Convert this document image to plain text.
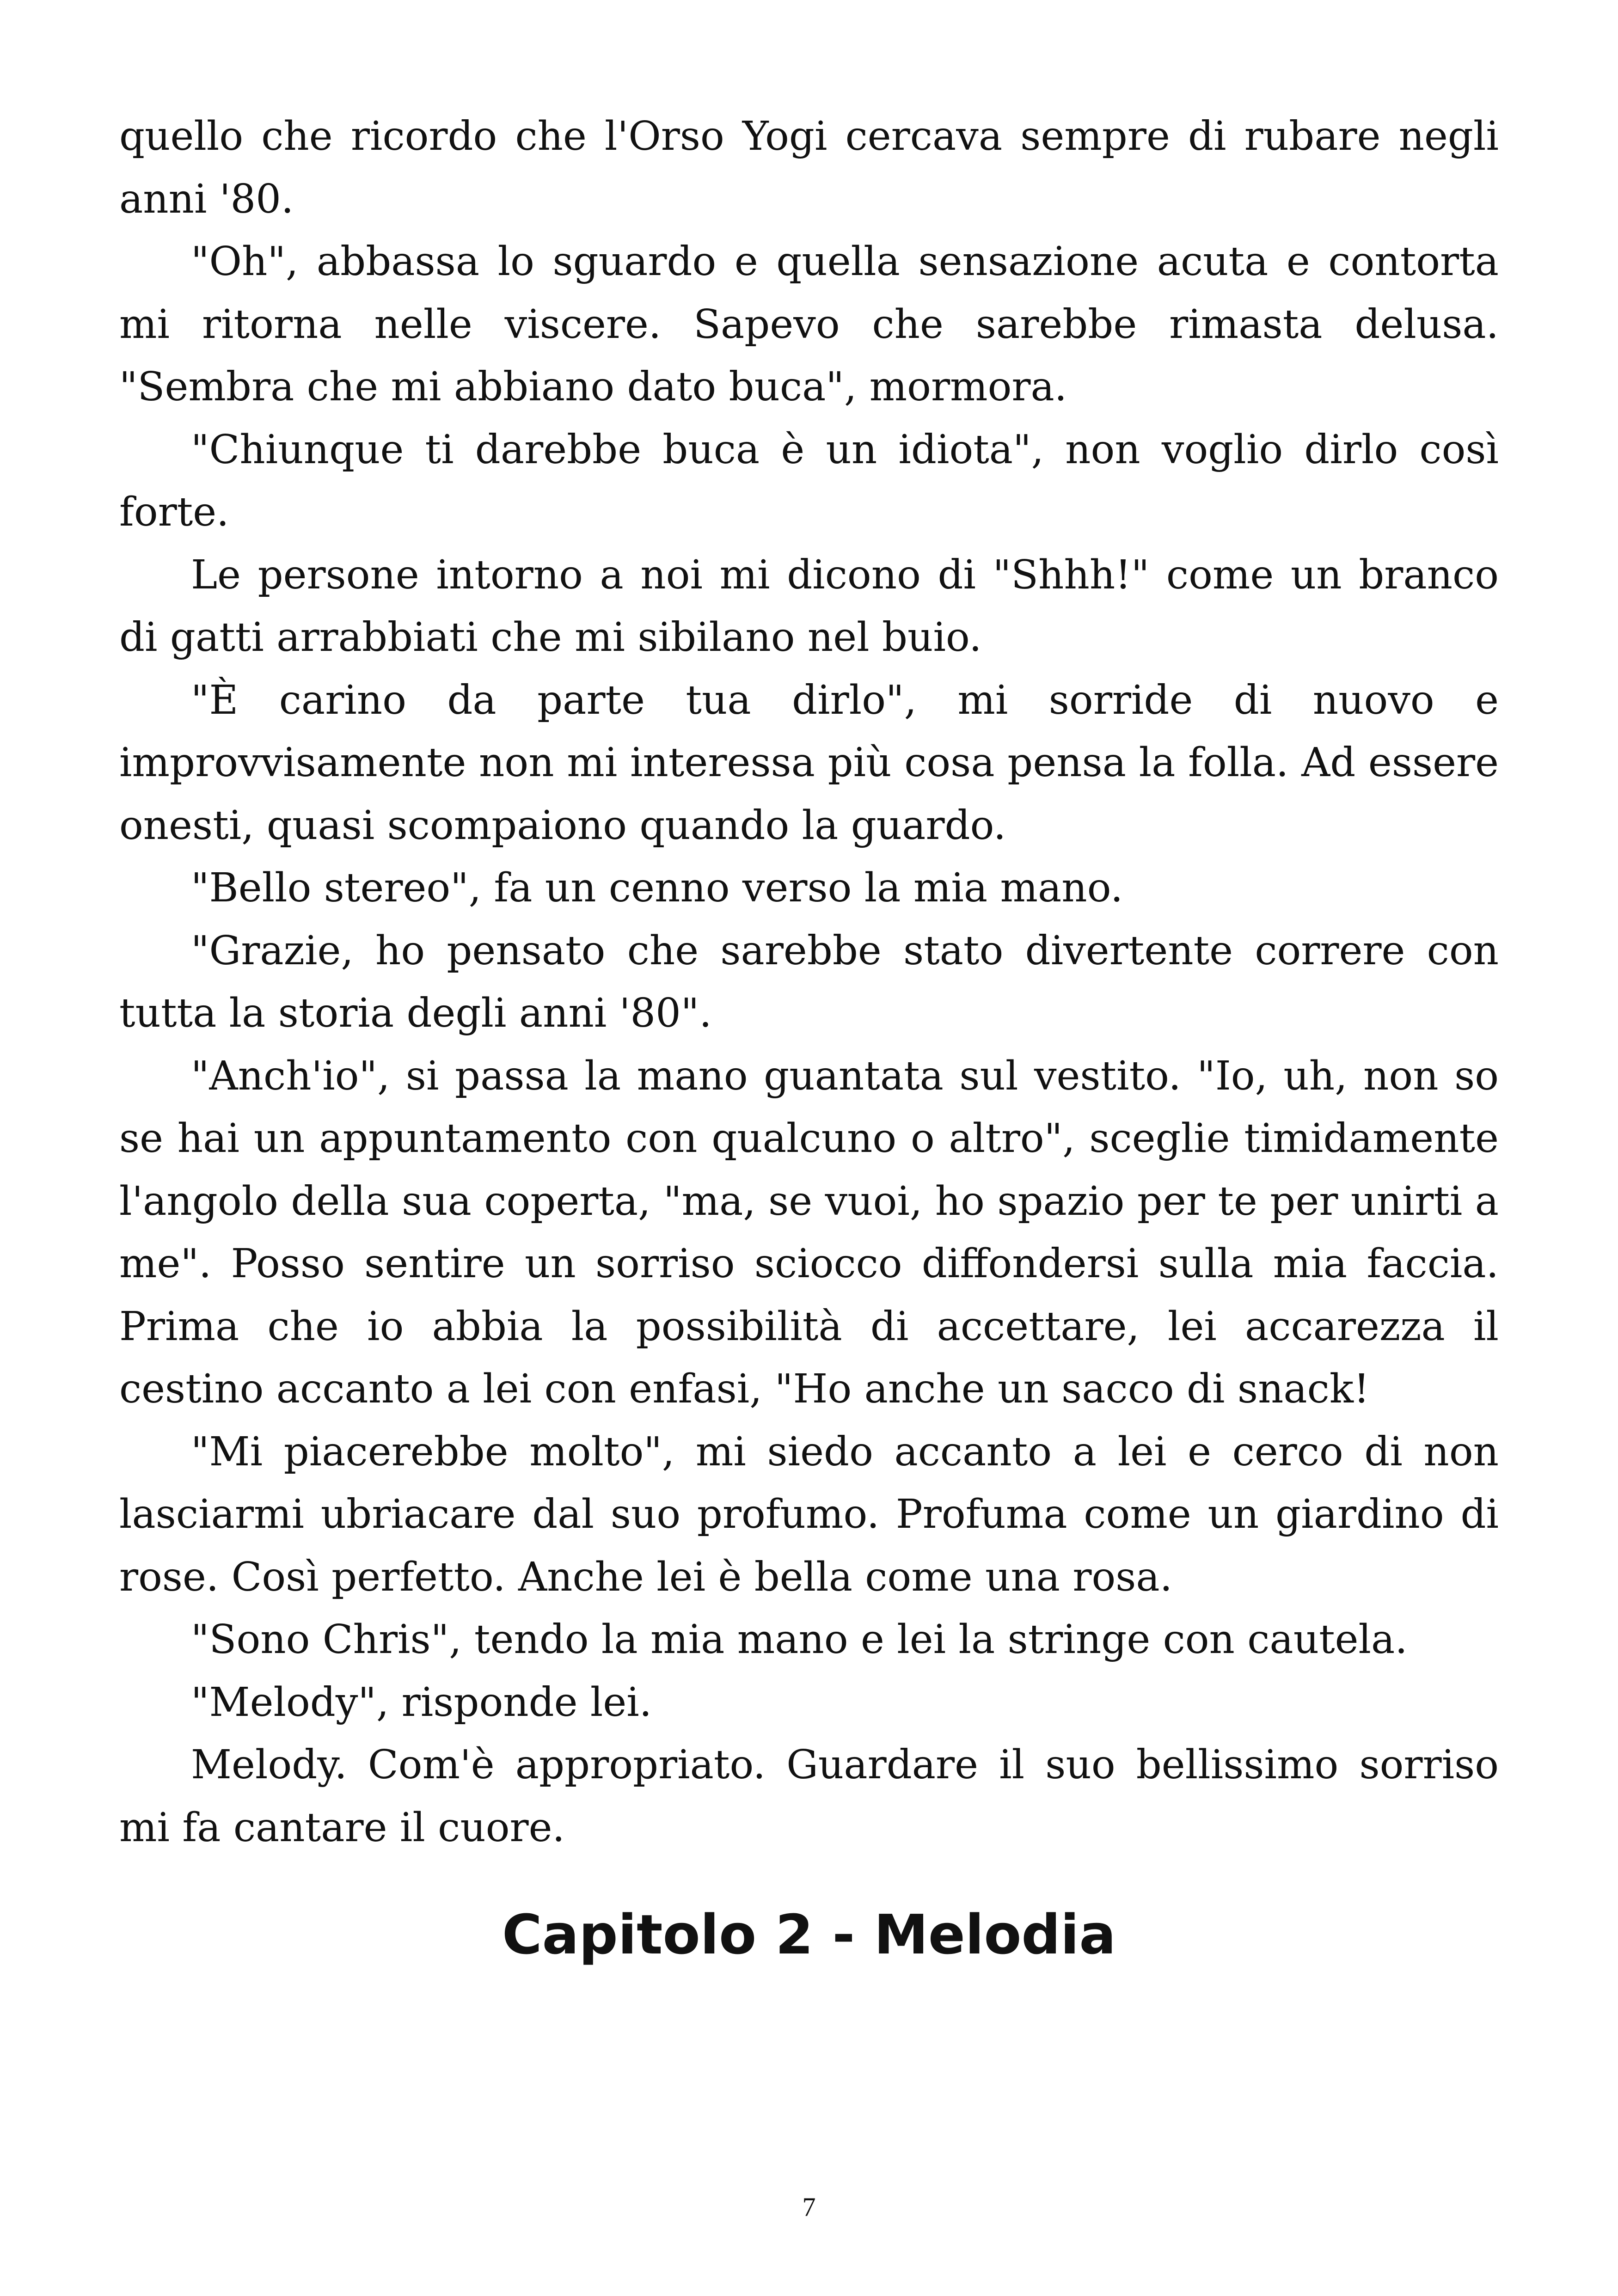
quello che ricordo che l'Orso Yogi cercava sempre di rubare negli anni '80.

"Oh", abbassa lo sguardo e quella sensazione acuta e contorta mi ritorna nelle viscere. Sapevo che sarebbe rimasta delusa. "Sembra che mi abbiano dato buca", mormora.

"Chiunque ti darebbe buca è un idiota", non voglio dirlo così forte.

Le persone intorno a noi mi dicono di "Shhh!" come un branco di gatti arrabbiati che mi sibilano nel buio.

"È carino da parte tua dirlo", mi sorride di nuovo e improvvisamente non mi interessa più cosa pensa la folla. Ad essere onesti, quasi scompaiono quando la guardo.

"Bello stereo", fa un cenno verso la mia mano.

"Grazie, ho pensato che sarebbe stato divertente correre con tutta la storia degli anni '80".

"Anch'io", si passa la mano guantata sul vestito. "Io, uh, non so se hai un appuntamento con qualcuno o altro", sceglie timidamente l'angolo della sua coperta, "ma, se vuoi, ho spazio per te per unirti a me". Posso sentire un sorriso sciocco diffondersi sulla mia faccia. Prima che io abbia la possibilità di accettare, lei accarezza il cestino accanto a lei con enfasi, "Ho anche un sacco di snack!

"Mi piacerebbe molto", mi siedo accanto a lei e cerco di non lasciarmi ubriacare dal suo profumo. Profuma come un giardino di rose. Così perfetto. Anche lei è bella come una rosa.

"Sono Chris", tendo la mia mano e lei la stringe con cautela.

"Melody", risponde lei.

Melody. Com'è appropriato. Guardare il suo bellissimo sorriso mi fa cantare il cuore.

Capitolo 2 - Melodia
7
